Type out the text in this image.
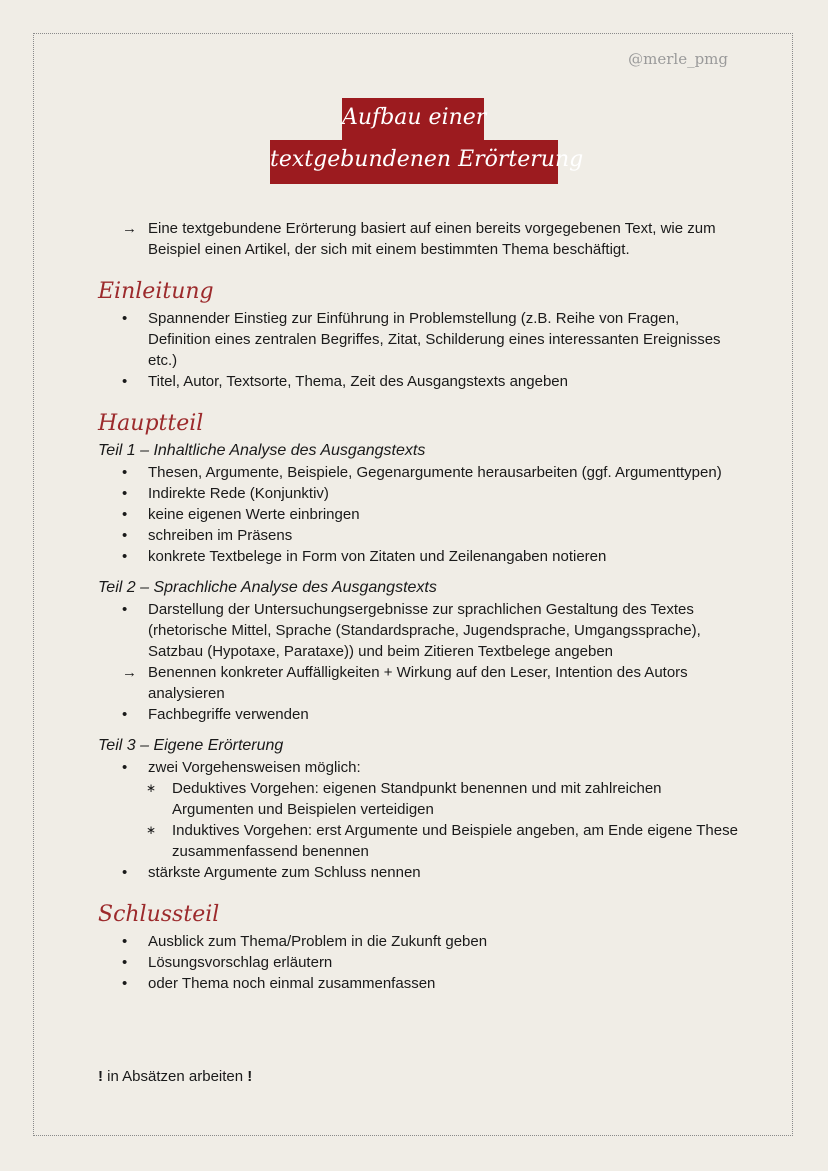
@merle_pmg
Aufbau einer
textgebundenen Erörterung
→ Eine textgebundene Erörterung basiert auf einen bereits vorgegebenen Text, wie zum Beispiel einen Artikel, der sich mit einem bestimmten Thema beschäftigt.
Einleitung
• Spannender Einstieg zur Einführung in Problemstellung (z.B. Reihe von Fragen, Definition eines zentralen Begriffes, Zitat, Schilderung eines interessanten Ereignisses etc.)
• Titel, Autor, Textsorte, Thema, Zeit des Ausgangstexts angeben
Hauptteil
Teil 1 – Inhaltliche Analyse des Ausgangstexts
• Thesen, Argumente, Beispiele, Gegenargumente herausarbeiten (ggf. Argumenttypen)
• Indirekte Rede (Konjunktiv)
• keine eigenen Werte einbringen
• schreiben im Präsens
• konkrete Textbelege in Form von Zitaten und Zeilenangaben notieren
Teil 2 – Sprachliche Analyse des Ausgangstexts
• Darstellung der Untersuchungsergebnisse zur sprachlichen Gestaltung des Textes (rhetorische Mittel, Sprache (Standardsprache, Jugendsprache, Umgangssprache), Satzbau (Hypotaxe, Parataxe)) und beim Zitieren Textbelege angeben
→ Benennen konkreter Auffälligkeiten + Wirkung auf den Leser, Intention des Autors analysieren
• Fachbegriffe verwenden
Teil 3 – Eigene Erörterung
• zwei Vorgehensweisen möglich:
∗ Deduktives Vorgehen: eigenen Standpunkt benennen und mit zahlreichen Argumenten und Beispielen verteidigen
∗ Induktives Vorgehen: erst Argumente und Beispiele angeben, am Ende eigene These zusammenfassend benennen
• stärkste Argumente zum Schluss nennen
Schlussteil
• Ausblick zum Thema/Problem in die Zukunft geben
• Lösungsvorschlag erläutern
• oder Thema noch einmal zusammenfassen
! in Absätzen arbeiten !
